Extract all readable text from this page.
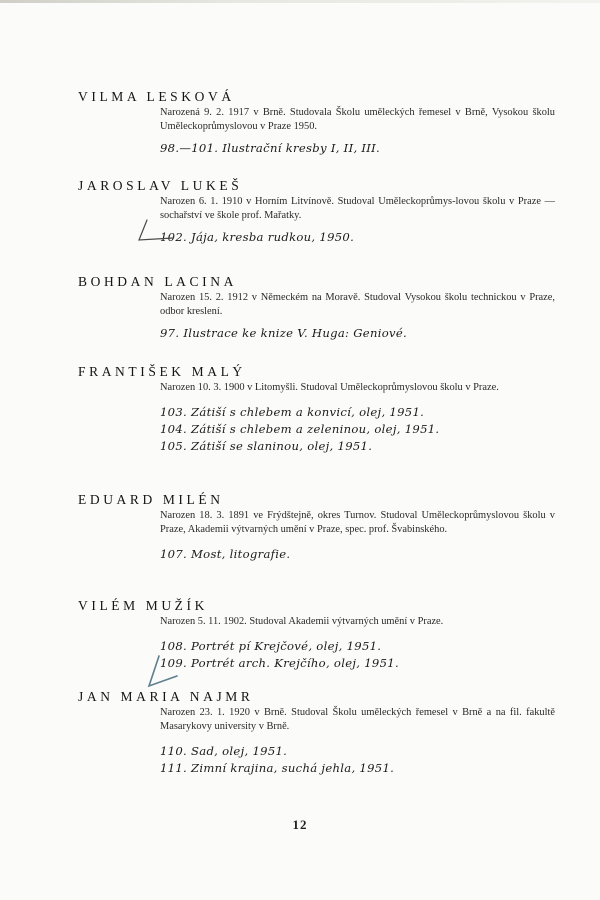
VILMA LESKOVÁ
Narozená 9. 2. 1917 v Brně. Studovala Školu uměleckých řemesel v Brně, Vysokou školu Uměleckoprůmyslovou v Praze 1950.
98.—101. Ilustrační kresby I, II, III.
JAROSLAV LUKEŠ
Narozen 6. 1. 1910 v Horním Litvínově. Studoval Uměleckoprůmys-lovou školu v Praze — sochařství ve škole prof. Mařatky.
102. Jája, kresba rudkou, 1950.
BOHDAN LACINA
Narozen 15. 2. 1912 v Německém na Moravě. Studoval Vysokou školu technickou v Praze, odbor kreslení.
97. Ilustrace ke knize V. Huga: Geniové.
FRANTIŠEK MALÝ
Narozen 10. 3. 1900 v Litomyšli. Studoval Uměleckoprůmyslovou školu v Praze.
103. Zátiší s chlebem a konvicí, olej, 1951.
104. Zátiší s chlebem a zeleninou, olej, 1951.
105. Zátiší se slaninou, olej, 1951.
EDUARD MILÉN
Narozen 18. 3. 1891 ve Frýdštejně, okres Turnov. Studoval Uměleckoprůmyslovou školu v Praze, Akademii výtvarných umění v Praze, spec. prof. Švabinského.
107. Most, litografie.
VILÉM MUŽÍK
Narozen 5. 11. 1902. Studoval Akademii výtvarných umění v Praze.
108. Portrét pí Krejčové, olej, 1951.
109. Portrét arch. Krejčího, olej, 1951.
JAN MARIA NAJMR
Narozen 23. 1. 1920 v Brně. Studoval Školu uměleckých řemesel v Brně a na fil. fakultě Masarykovy university v Brně.
110. Sad, olej, 1951.
111. Zimní krajina, suchá jehla, 1951.
12
